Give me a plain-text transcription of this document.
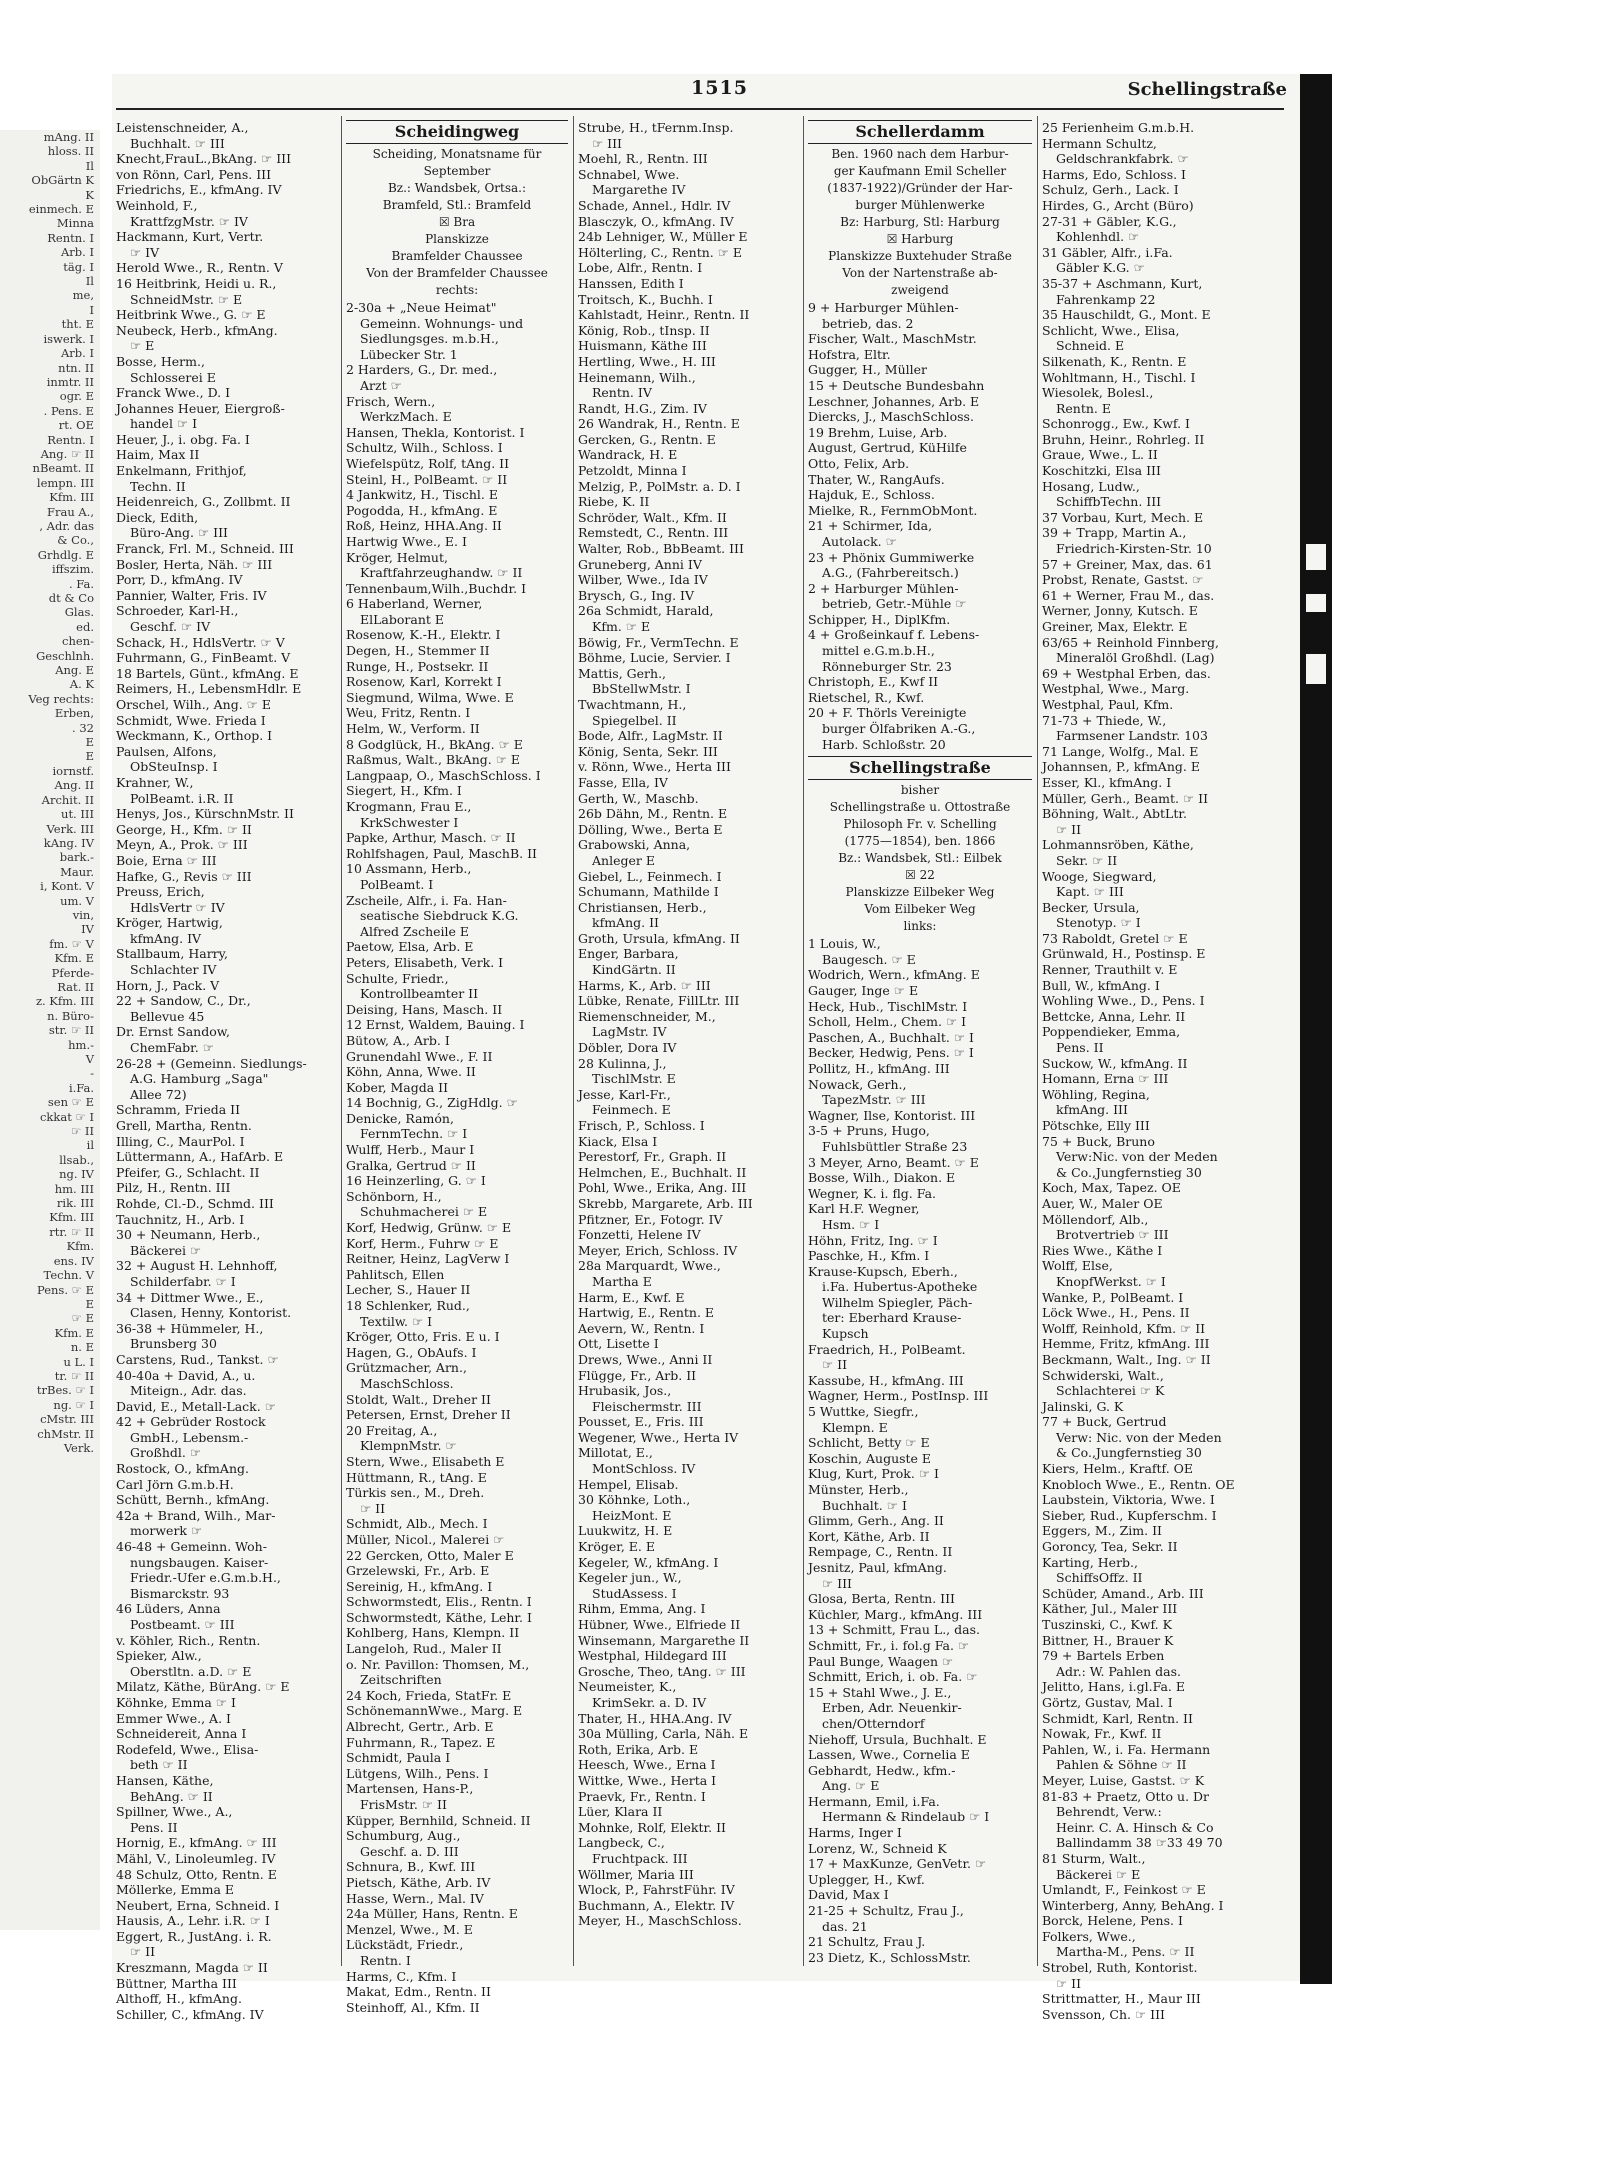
mAng. II
hloss. II
Il
ObGärtn K
K
einmech. E
Minna
Rentn. I
Arb. I
täg. I
Il
me,
I
tht. E
iswerk. I
Arb. I
ntn. II
inmtr. II
ogr. E
. Pens. E
rt. OE
Rentn. I
Ang. ☞ II
nBeamt. II
lempn. III
Kfm. III
Frau A.,
, Adr. das
& Co.,
Grhdlg. E
iffszim.
. Fa.
dt & Co
Glas.
ed.
chen-
Geschlnh.
Ang. E
A. K
Veg rechts:
Erben,
. 32
E
E
iornstf.
Ang. II
Archit. II
ut. III
Verk. III
kAng. IV
bark.-
Maur.
i, Kont. V
um. V
vin,
IV
fm. ☞ V
Kfm. E
Pferde-
Rat. II
z. Kfm. III
n. Büro-
str. ☞ II
hm.-
V
-
i.Fa.
sen ☞ E
ckkat ☞ I
☞ II
il
llsab.,
ng. IV
hm. III
rik. III
Kfm. III
rtr. ☞ II
Kfm.
ens. IV
Techn. V
Pens. ☞ E
E
☞ E
Kfm. E
n. E
u L. I
tr. ☞ II
trBes. ☞ I
ng. ☞ I
cMstr. III
chMstr. II
Verk.
1515	Schellingstraße
Leistenschneider, A.,
Buchhalt. ☞ III
Knecht,FrauL.,BkAng. ☞ III
von Rönn, Carl, Pens. III
Friedrichs, E., kfmAng. IV
Weinhold, F.,
KrattfzgMstr. ☞ IV
Hackmann, Kurt, Vertr.
☞ IV
Herold Wwe., R., Rentn. V
16 Heitbrink, Heidi u. R.,
SchneidMstr. ☞ E
Heitbrink Wwe., G. ☞ E
Neubeck, Herb., kfmAng.
☞ E
Bosse, Herm.,
Schlosserei E
Franck Wwe., D. I
Johannes Heuer, Eiergroß-
handel ☞ I
Heuer, J., i. obg. Fa. I
Haim, Max II
Enkelmann, Frithjof,
Techn. II
Heidenreich, G., Zollbmt. II
Dieck, Edith,
Büro-Ang. ☞ III
Franck, Frl. M., Schneid. III
Bosler, Herta, Näh. ☞ III
Porr, D., kfmAng. IV
Pannier, Walter, Fris. IV
Schroeder, Karl-H.,
Geschf. ☞ IV
Schack, H., HdlsVertr. ☞ V
Fuhrmann, G., FinBeamt. V
18 Bartels, Günt., kfmAng. E
Reimers, H., LebensmHdlr. E
Orschel, Wilh., Ang. ☞ E
Schmidt, Wwe. Frieda I
Weckmann, K., Orthop. I
Paulsen, Alfons,
ObSteuInsp. I
Krahner, W.,
PolBeamt. i.R. II
Henys, Jos., KürschnMstr. II
George, H., Kfm. ☞ II
Meyn, A., Prok. ☞ III
Boie, Erna ☞ III
Hafke, G., Revis ☞ III
Preuss, Erich,
HdlsVertr ☞ IV
Kröger, Hartwig,
kfmAng. IV
Stallbaum, Harry,
Schlachter IV
Horn, J., Pack. V
22 + Sandow, C., Dr.,
Bellevue 45
Dr. Ernst Sandow,
ChemFabr. ☞
26-28 + (Gemeinn. Siedlungs-
A.G. Hamburg „Saga"
Allee 72)
Schramm, Frieda II
Grell, Martha, Rentn.
Illing, C., MaurPol. I
Lüttermann, A., HafArb. E
Pfeifer, G., Schlacht. II
Pilz, H., Rentn. III
Rohde, Cl.-D., Schmd. III
Tauchnitz, H., Arb. I
30 + Neumann, Herb.,
Bäckerei ☞
32 + August H. Lehnhoff,
Schilderfabr. ☞ I
34 + Dittmer Wwe., E.,
Clasen, Henny, Kontorist.
36-38 + Hümmeler, H.,
Brunsberg 30
Carstens, Rud., Tankst. ☞
40-40a + David, A., u.
Miteign., Adr. das.
David, E., Metall-Lack. ☞
42 + Gebrüder Rostock
GmbH., Lebensm.-
Großhdl. ☞
Rostock, O., kfmAng.
Carl Jörn G.m.b.H.
Schütt, Bernh., kfmAng.
42a + Brand, Wilh., Mar-
morwerk ☞
46-48 + Gemeinn. Woh-
nungsbaugen. Kaiser-
Friedr.-Ufer e.G.m.b.H.,
Bismarckstr. 93
46 Lüders, Anna
Postbeamt. ☞ III
v. Köhler, Rich., Rentn.
Spieker, Alw.,
Oberstltn. a.D. ☞ E
Milatz, Käthe, BürAng. ☞ E
Köhnke, Emma ☞ I
Emmer Wwe., A. I
Schneidereit, Anna I
Rodefeld, Wwe., Elisa-
beth ☞ II
Hansen, Käthe,
BehAng. ☞ II
Spillner, Wwe., A.,
Pens. II
Hornig, E., kfmAng. ☞ III
Mähl, V., Linoleumleg. IV
48 Schulz, Otto, Rentn. E
Möllerke, Emma E
Neubert, Erna, Schneid. I
Hausis, A., Lehr. i.R. ☞ I
Eggert, R., JustAng. i. R.
☞ II
Kreszmann, Magda ☞ II
Büttner, Martha III
Althoff, H., kfmAng.
Schiller, C., kfmAng. IV
Scheidingweg
Scheiding, Monatsname für
September
Bz.: Wandsbek, Ortsa.:
Bramfeld, Stl.: Bramfeld
☒ Bra
Planskizze
Bramfelder Chaussee
Von der Bramfelder Chaussee
rechts:
2-30a + „Neue Heimat"
Gemeinn. Wohnungs- und
Siedlungsges. m.b.H.,
Lübecker Str. 1
2 Harders, G., Dr. med.,
Arzt ☞
Frisch, Wern.,
WerkzMach. E
Hansen, Thekla, Kontorist. I
Schultz, Wilh., Schloss. I
Wiefelspütz, Rolf, tAng. II
Steinl, H., PolBeamt. ☞ II
4 Jankwitz, H., Tischl. E
Pogodda, H., kfmAng. E
Roß, Heinz, HHA.Ang. II
Hartwig Wwe., E. I
Kröger, Helmut,
Kraftfahrzeughandw. ☞ II
Tennenbaum,Wilh.,Buchdr. I
6 Haberland, Werner,
ElLaborant E
Rosenow, K.-H., Elektr. I
Degen, H., Stemmer II
Runge, H., Postsekr. II
Rosenow, Karl, Korrekt I
Siegmund, Wilma, Wwe. E
Weu, Fritz, Rentn. I
Helm, W., Verform. II
8 Godglück, H., BkAng. ☞ E
Raßmus, Walt., BkAng. ☞ E
Langpaap, O., MaschSchloss. I
Siegert, H., Kfm. I
Krogmann, Frau E.,
KrkSchwester I
Papke, Arthur, Masch. ☞ II
Rohlfshagen, Paul, MaschB. II
10 Assmann, Herb.,
PolBeamt. I
Zscheile, Alfr., i. Fa. Han-
seatische Siebdruck K.G.
Alfred Zscheile E
Paetow, Elsa, Arb. E
Peters, Elisabeth, Verk. I
Schulte, Friedr.,
Kontrollbeamter II
Deising, Hans, Masch. II
12 Ernst, Waldem, Bauing. I
Bütow, A., Arb. I
Grunendahl Wwe., F. II
Köhn, Anna, Wwe. II
Kober, Magda II
14 Bochnig, G., ZigHdlg. ☞
Denicke, Ramón,
FernmTechn. ☞ I
Wulff, Herb., Maur I
Gralka, Gertrud ☞ II
16 Heinzerling, G. ☞ I
Schönborn, H.,
Schuhmacherei ☞ E
Korf, Hedwig, Grünw. ☞ E
Korf, Herm., Fuhrw ☞ E
Reitner, Heinz, LagVerw I
Pahlitsch, Ellen
Lecher, S., Hauer II
18 Schlenker, Rud.,
Textilw. ☞ I
Kröger, Otto, Fris. E u. I
Hagen, G., ObAufs. I
Grützmacher, Arn.,
MaschSchloss.
Stoldt, Walt., Dreher II
Petersen, Ernst, Dreher II
20 Freitag, A.,
KlempnMstr. ☞
Stern, Wwe., Elisabeth E
Hüttmann, R., tAng. E
Türkis sen., M., Dreh.
☞ II
Schmidt, Alb., Mech. I
Müller, Nicol., Malerei ☞
22 Gercken, Otto, Maler E
Grzelewski, Fr., Arb. E
Sereinig, H., kfmAng. I
Schwormstedt, Elis., Rentn. I
Schwormstedt, Käthe, Lehr. I
Kohlberg, Hans, Klempn. II
Langeloh, Rud., Maler II
o. Nr. Pavillon: Thomsen, M.,
Zeitschriften
24 Koch, Frieda, StatFr. E
SchönemannWwe., Marg. E
Albrecht, Gertr., Arb. E
Fuhrmann, R., Tapez. E
Schmidt, Paula I
Lütgens, Wilh., Pens. I
Martensen, Hans-P.,
FrisMstr. ☞ II
Küpper, Bernhild, Schneid. II
Schumburg, Aug.,
Geschf. a. D. III
Schnura, B., Kwf. III
Pietsch, Käthe, Arb. IV
Hasse, Wern., Mal. IV
24a Müller, Hans, Rentn. E
Menzel, Wwe., M. E
Lückstädt, Friedr.,
Rentn. I
Harms, C., Kfm. I
Makat, Edm., Rentn. II
Steinhoff, Al., Kfm. II
Strube, H., tFernm.Insp.
☞ III
Moehl, R., Rentn. III
Schnabel, Wwe.
Margarethe IV
Schade, Annel., Hdlr. IV
Blasczyk, O., kfmAng. IV
24b Lehniger, W., Müller E
Hölterling, C., Rentn. ☞ E
Lobe, Alfr., Rentn. I
Hanssen, Edith I
Troitsch, K., Buchh. I
Kahlstadt, Heinr., Rentn. II
König, Rob., tInsp. II
Huismann, Käthe III
Hertling, Wwe., H. III
Heinemann, Wilh.,
Rentn. IV
Randt, H.G., Zim. IV
26 Wandrak, H., Rentn. E
Gercken, G., Rentn. E
Wandrack, H. E
Petzoldt, Minna I
Melzig, P., PolMstr. a. D. I
Riebe, K. II
Schröder, Walt., Kfm. II
Remstedt, C., Rentn. III
Walter, Rob., BbBeamt. III
Gruneberg, Anni IV
Wilber, Wwe., Ida IV
Brysch, G., Ing. IV
26a Schmidt, Harald,
Kfm. ☞ E
Böwig, Fr., VermTechn. E
Böhme, Lucie, Servier. I
Mattis, Gerh.,
BbStellwMstr. I
Twachtmann, H.,
Spiegelbel. II
Bode, Alfr., LagMstr. II
König, Senta, Sekr. III
v. Rönn, Wwe., Herta III
Fasse, Ella, IV
Gerth, W., Maschb.
26b Dähn, M., Rentn. E
Dölling, Wwe., Berta E
Grabowski, Anna,
Anleger E
Giebel, L., Feinmech. I
Schumann, Mathilde I
Christiansen, Herb.,
kfmAng. II
Groth, Ursula, kfmAng. II
Enger, Barbara,
KindGärtn. II
Harms, K., Arb. ☞ III
Lübke, Renate, FillLtr. III
Riemenschneider, M.,
LagMstr. IV
Döbler, Dora IV
28 Kulinna, J.,
TischlMstr. E
Jesse, Karl-Fr.,
Feinmech. E
Frisch, P., Schloss. I
Kiack, Elsa I
Perestorf, Fr., Graph. II
Helmchen, E., Buchhalt. II
Pohl, Wwe., Erika, Ang. III
Skrebb, Margarete, Arb. III
Pfitzner, Er., Fotogr. IV
Fonzetti, Helene IV
Meyer, Erich, Schloss. IV
28a Marquardt, Wwe.,
Martha E
Harm, E., Kwf. E
Hartwig, E., Rentn. E
Aevern, W., Rentn. I
Ott, Lisette I
Drews, Wwe., Anni II
Flügge, Fr., Arb. II
Hrubasik, Jos.,
Fleischermstr. III
Pousset, E., Fris. III
Wegener, Wwe., Herta IV
Millotat, E.,
MontSchloss. IV
Hempel, Elisab.
30 Köhnke, Loth.,
HeizMont. E
Luukwitz, H. E
Kröger, E. E
Kegeler, W., kfmAng. I
Kegeler jun., W.,
StudAssess. I
Rihm, Emma, Ang. I
Hübner, Wwe., Elfriede II
Winsemann, Margarethe II
Westphal, Hildegard III
Grosche, Theo, tAng. ☞ III
Neumeister, K.,
KrimSekr. a. D. IV
Thater, H., HHA.Ang. IV
30a Mülling, Carla, Näh. E
Roth, Erika, Arb. E
Heesch, Wwe., Erna I
Wittke, Wwe., Herta I
Praevk, Fr., Rentn. I
Lüer, Klara II
Mohnke, Rolf, Elektr. II
Langbeck, C.,
Fruchtpack. III
Wöllmer, Maria III
Wlock, P., FahrstFühr. IV
Buchmann, A., Elektr. IV
Meyer, H., MaschSchloss.
Schellerdamm
Ben. 1960 nach dem Harbur-
ger Kaufmann Emil Scheller
(1837-1922)/Gründer der Har-
burger Mühlenwerke
Bz: Harburg, Stl: Harburg
☒ Harburg
Planskizze Buxtehuder Straße
Von der Nartenstraße ab-
zweigend
9 + Harburger Mühlen-
betrieb, das. 2
Fischer, Walt., MaschMstr.
Hofstra, Eltr.
Gugger, H., Müller
15 + Deutsche Bundesbahn
Leschner, Johannes, Arb. E
Diercks, J., MaschSchloss.
19 Brehm, Luise, Arb.
August, Gertrud, KüHilfe
Otto, Felix, Arb.
Thater, W., RangAufs.
Hajduk, E., Schloss.
Mielke, R., FernmObMont.
21 + Schirmer, Ida,
Autolack. ☞
23 + Phönix Gummiwerke
A.G., (Fahrbereitsch.)
2 + Harburger Mühlen-
betrieb, Getr.-Mühle ☞
Schipper, H., DiplKfm.
4 + Großeinkauf f. Lebens-
mittel e.G.m.b.H.,
Rönneburger Str. 23
Christoph, E., Kwf II
Rietschel, R., Kwf.
20 + F. Thörls Vereinigte
burger Ölfabriken A.-G.,
Harb. Schloßstr. 20
Schellingstraße
bisher
Schellingstraße u. Ottostraße
Philosoph Fr. v. Schelling
(1775—1854), ben. 1866
Bz.: Wandsbek, Stl.: Eilbek
☒ 22
Planskizze Eilbeker Weg
Vom Eilbeker Weg
links:
1 Louis, W.,
Baugesch. ☞ E
Wodrich, Wern., kfmAng. E
Gauger, Inge ☞ E
Heck, Hub., TischlMstr. I
Scholl, Helm., Chem. ☞ I
Paschen, A., Buchhalt. ☞ I
Becker, Hedwig, Pens. ☞ I
Pollitz, H., kfmAng. III
Nowack, Gerh.,
TapezMstr. ☞ III
Wagner, Ilse, Kontorist. III
3-5 + Pruns, Hugo,
Fuhlsbüttler Straße 23
3 Meyer, Arno, Beamt. ☞ E
Bosse, Wilh., Diakon. E
Wegner, K. i. flg. Fa.
Karl H.F. Wegner,
Hsm. ☞ I
Höhn, Fritz, Ing. ☞ I
Paschke, H., Kfm. I
Krause-Kupsch, Eberh.,
i.Fa. Hubertus-Apotheke
Wilhelm Spiegler, Päch-
ter: Eberhard Krause-
Kupsch
Fraedrich, H., PolBeamt.
☞ II
Kassube, H., kfmAng. III
Wagner, Herm., PostInsp. III
5 Wuttke, Siegfr.,
Klempn. E
Schlicht, Betty ☞ E
Koschin, Auguste E
Klug, Kurt, Prok. ☞ I
Münster, Herb.,
Buchhalt. ☞ I
Glimm, Gerh., Ang. II
Kort, Käthe, Arb. II
Rempage, C., Rentn. II
Jesnitz, Paul, kfmAng.
☞ III
Glosa, Berta, Rentn. III
Küchler, Marg., kfmAng. III
13 + Schmitt, Frau L., das.
Schmitt, Fr., i. fol.g Fa. ☞
Paul Bunge, Waagen ☞
Schmitt, Erich, i. ob. Fa. ☞
15 + Stahl Wwe., J. E.,
Erben, Adr. Neuenkir-
chen/Otterndorf
Niehoff, Ursula, Buchhalt. E
Lassen, Wwe., Cornelia E
Gebhardt, Hedw., kfm.-
Ang. ☞ E
Hermann, Emil, i.Fa.
Hermann & Rindelaub ☞ I
Harms, Inger I
Lorenz, W., Schneid K
17 + MaxKunze, GenVetr. ☞
Uplegger, H., Kwf.
David, Max I
21-25 + Schultz, Frau J.,
das. 21
21 Schultz, Frau J.
23 Dietz, K., SchlossMstr.
25 Ferienheim G.m.b.H.
Hermann Schultz,
Geldschrankfabrk. ☞
Harms, Edo, Schloss. I
Schulz, Gerh., Lack. I
Hirdes, G., Archt (Büro)
27-31 + Gäbler, K.G.,
Kohlenhdl. ☞
31 Gäbler, Alfr., i.Fa.
Gäbler K.G. ☞
35-37 + Aschmann, Kurt,
Fahrenkamp 22
35 Hauschildt, G., Mont. E
Schlicht, Wwe., Elisa,
Schneid. E
Silkenath, K., Rentn. E
Wohltmann, H., Tischl. I
Wiesolek, Bolesl.,
Rentn. E
Schonrogg., Ew., Kwf. I
Bruhn, Heinr., Rohrleg. II
Graue, Wwe., L. II
Koschitzki, Elsa III
Hosang, Ludw.,
SchiffbTechn. III
37 Vorbau, Kurt, Mech. E
39 + Trapp, Martin A.,
Friedrich-Kirsten-Str. 10
57 + Greiner, Max, das. 61
Probst, Renate, Gastst. ☞
61 + Werner, Frau M., das.
Werner, Jonny, Kutsch. E
Greiner, Max, Elektr. E
63/65 + Reinhold Finnberg,
Mineralöl Großhdl. (Lag)
69 + Westphal Erben, das.
Westphal, Wwe., Marg.
Westphal, Paul, Kfm.
71-73 + Thiede, W.,
Farmsener Landstr. 103
71 Lange, Wolfg., Mal. E
Johannsen, P., kfmAng. E
Esser, Kl., kfmAng. I
Müller, Gerh., Beamt. ☞ II
Böhning, Walt., AbtLtr.
☞ II
Lohmannsröben, Käthe,
Sekr. ☞ II
Wooge, Siegward,
Kapt. ☞ III
Becker, Ursula,
Stenotyp. ☞ I
73 Raboldt, Gretel ☞ E
Grünwald, H., Postinsp. E
Renner, Trauthilt v. E
Bull, W., kfmAng. I
Wohling Wwe., D., Pens. I
Bettcke, Anna, Lehr. II
Poppendieker, Emma,
Pens. II
Suckow, W., kfmAng. II
Homann, Erna ☞ III
Wöhling, Regina,
kfmAng. III
Pötschke, Elly III
75 + Buck, Bruno
Verw:Nic. von der Meden
& Co.,Jungfernstieg 30
Koch, Max, Tapez. OE
Auer, W., Maler OE
Möllendorf, Alb.,
Brotvertrieb ☞ III
Ries Wwe., Käthe I
Wolff, Else,
KnopfWerkst. ☞ I
Wanke, P., PolBeamt. I
Löck Wwe., H., Pens. II
Wolff, Reinhold, Kfm. ☞ II
Hemme, Fritz, kfmAng. III
Beckmann, Walt., Ing. ☞ II
Schwiderski, Walt.,
Schlachterei ☞ K
Jalinski, G. K
77 + Buck, Gertrud
Verw: Nic. von der Meden
& Co.,Jungfernstieg 30
Kiers, Helm., Kraftf. OE
Knobloch Wwe., E., Rentn. OE
Laubstein, Viktoria, Wwe. I
Sieber, Rud., Kupferschm. I
Eggers, M., Zim. II
Goroncy, Tea, Sekr. II
Karting, Herb.,
SchiffsOffz. II
Schüder, Amand., Arb. III
Käther, Jul., Maler III
Tuszinski, C., Kwf. K
Bittner, H., Brauer K
79 + Bartels Erben
Adr.: W. Pahlen das.
Jelitto, Hans, i.gl.Fa. E
Görtz, Gustav, Mal. I
Schmidt, Karl, Rentn. II
Nowak, Fr., Kwf. II
Pahlen, W., i. Fa. Hermann
Pahlen & Söhne ☞ II
Meyer, Luise, Gastst. ☞ K
81-83 + Praetz, Otto u. Dr
Behrendt, Verw.:
Heinr. C. A. Hinsch & Co
Ballindamm 38 ☞33 49 70
81 Sturm, Walt.,
Bäckerei ☞ E
Umlandt, F., Feinkost ☞ E
Winterberg, Anny, BehAng. I
Borck, Helene, Pens. I
Folkers, Wwe.,
Martha-M., Pens. ☞ II
Strobel, Ruth, Kontorist.
☞ II
Strittmatter, H., Maur III
Svensson, Ch. ☞ III
